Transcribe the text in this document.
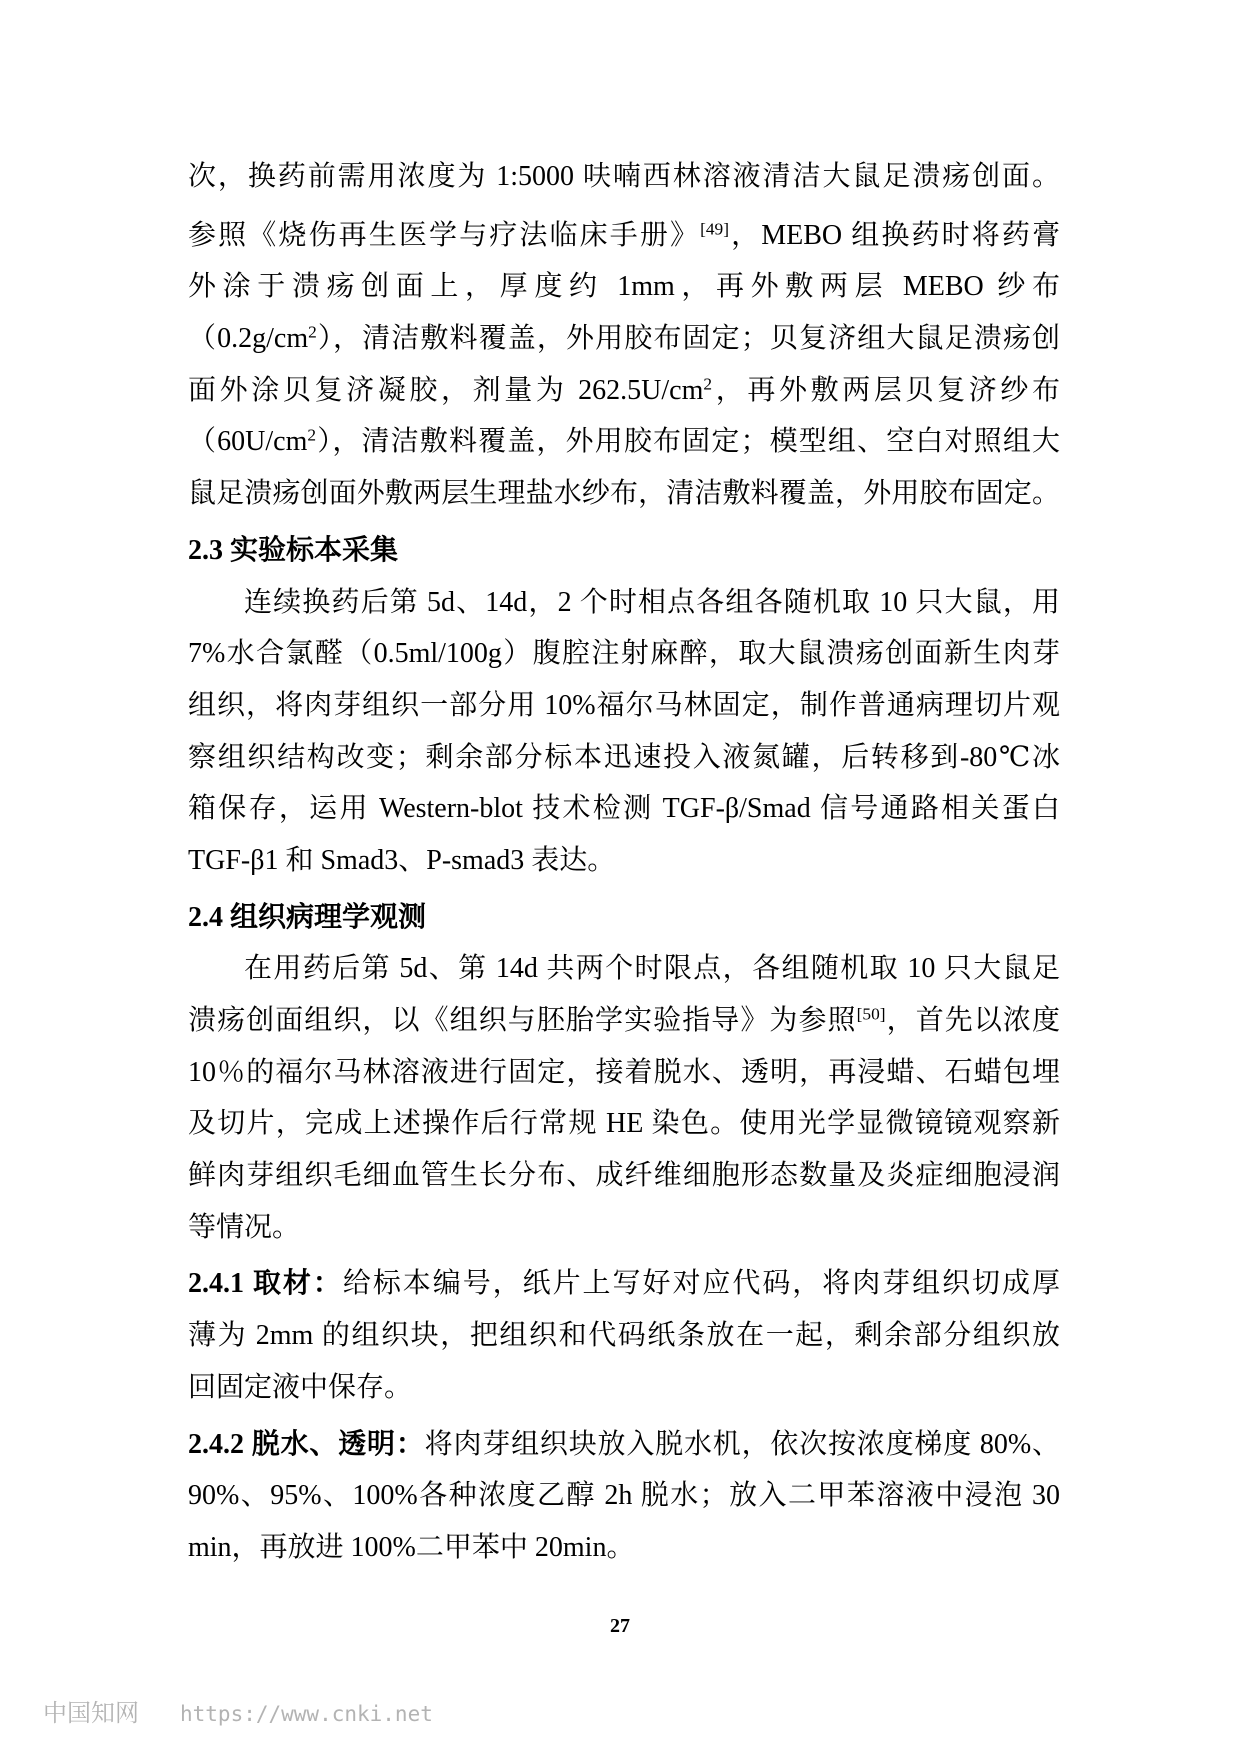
次，换药前需用浓度为 1:5000 呋喃西林溶液清洁大鼠足溃疡创面。
参照《烧伤再生医学与疗法临床手册》[49]，MEBO 组换药时将药膏
外涂于溃疡创面上，厚度约 1mm，再外敷两层 MEBO 纱布
$(0.2g/cm^2)$，清洁敷料覆盖，外用胶布固定；贝复济组大鼠足溃疡创
面外涂贝复济凝胶，剂量为 $262.5U/cm^2$，再外敷两层贝复济纱布
$(60U/cm^2)$，清洁敷料覆盖，外用胶布固定；模型组、空白对照组大
鼠足溃疡创面外敷两层生理盐水纱布，清洁敷料覆盖，外用胶布固定。
2.3 实验标本采集
连续换药后第 5d、14d，2 个时相点各组各随机取 10 只大鼠，用
7%水合氯醛（0.5ml/100g）腹腔注射麻醉，取大鼠溃疡创面新生肉芽
组织，将肉芽组织一部分用 10%福尔马林固定，制作普通病理切片观
察组织结构改变；剩余部分标本迅速投入液氮罐，后转移到-80℃冰
箱保存，运用 Western-blot 技术检测 TGF-β/Smad 信号通路相关蛋白
TGF-β1 和 Smad3、P-smad3 表达。
2.4 组织病理学观测
在用药后第 5d、第 14d 共两个时限点，各组随机取 10 只大鼠足
溃疡创面组织，以《组织与胚胎学实验指导》为参照[50]，首先以浓度
10％的福尔马林溶液进行固定，接着脱水、透明，再浸蜡、石蜡包埋
及切片，完成上述操作后行常规 HE 染色。使用光学显微镜镜观察新
鲜肉芽组织毛细血管生长分布、成纤维细胞形态数量及炎症细胞浸润
等情况。
2.4.1 取材：给标本编号，纸片上写好对应代码，将肉芽组织切成厚
薄为 2mm 的组织块，把组织和代码纸条放在一起，剩余部分组织放
回固定液中保存。
2.4.2 脱水、透明：将肉芽组织块放入脱水机，依次按浓度梯度 80%、
90%、95%、100%各种浓度乙醇 2h 脱水；放入二甲苯溶液中浸泡 30
min，再放进 100%二甲苯中 20min。
27
中国知网 https://www.cnki.net
